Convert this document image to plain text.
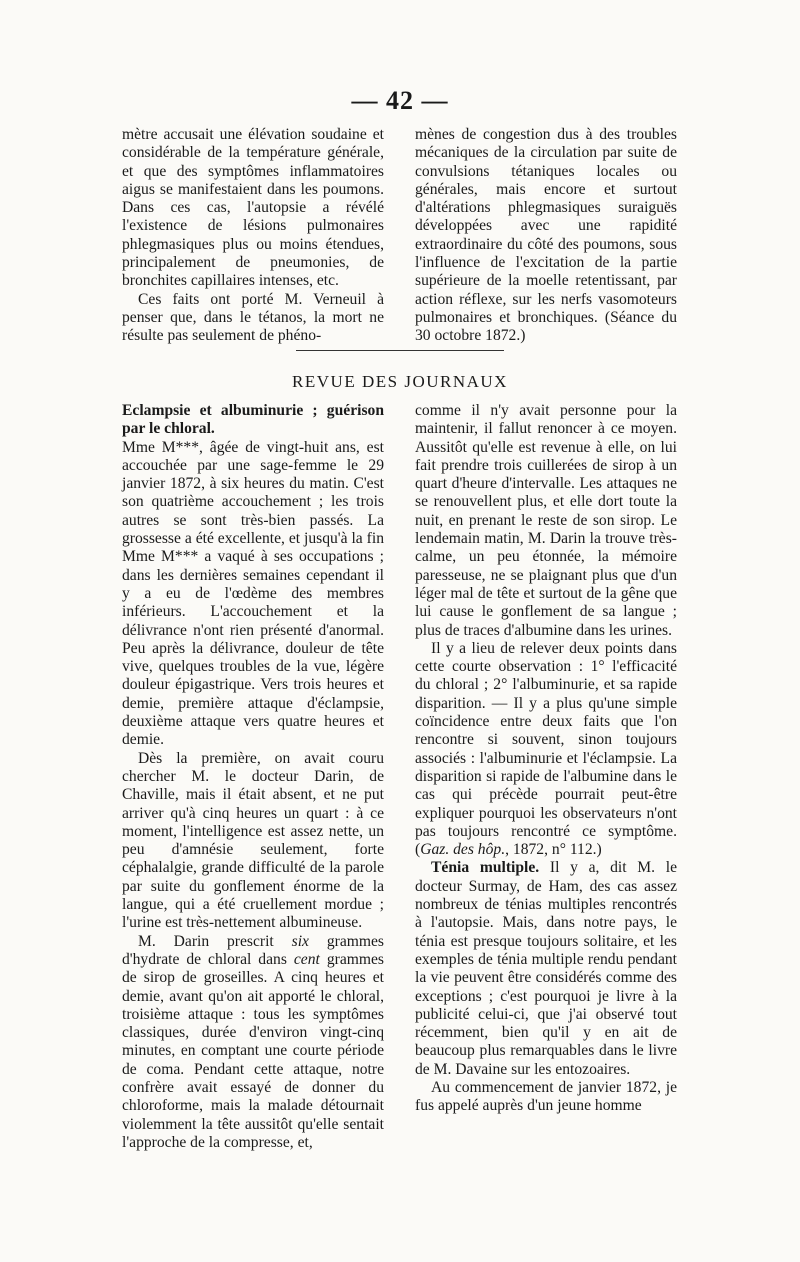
— 42 —

mètre accusait une élévation soudaine et considérable de la température générale, et que des symptômes inflammatoires aigus se manifestaient dans les poumons. Dans ces cas, l'autopsie a révélé l'existence de lésions pulmonaires phlegmasiques plus ou moins étendues, principalement de pneumonies, de bronchites capillaires intenses, etc.

Ces faits ont porté M. Verneuil à penser que, dans le tétanos, la mort ne résulte pas seulement de phéno-

mènes de congestion dus à des troubles mécaniques de la circulation par suite de convulsions tétaniques locales ou générales, mais encore et surtout d'altérations phlegmasiques suraiguës développées avec une rapidité extraordinaire du côté des poumons, sous l'influence de l'excitation de la partie supérieure de la moelle retentissant, par action réflexe, sur les nerfs vasomoteurs pulmonaires et bronchiques. (Séance du 30 octobre 1872.)

REVUE DES JOURNAUX

Eclampsie et albuminurie ; guérison par le chloral.

Mme M***, âgée de vingt-huit ans, est accouchée par une sage-femme le 29 janvier 1872, à six heures du matin. C'est son quatrième accouchement ; les trois autres se sont très-bien passés. La grossesse a été excellente, et jusqu'à la fin Mme M*** a vaqué à ses occupations ; dans les dernières semaines cependant il y a eu de l'œdème des membres inférieurs. L'accouchement et la délivrance n'ont rien présenté d'anormal. Peu après la délivrance, douleur de tête vive, quelques troubles de la vue, légère douleur épigastrique. Vers trois heures et demie, première attaque d'éclampsie, deuxième attaque vers quatre heures et demie.

Dès la première, on avait couru chercher M. le docteur Darin, de Chaville, mais il était absent, et ne put arriver qu'à cinq heures un quart : à ce moment, l'intelligence est assez nette, un peu d'amnésie seulement, forte céphalalgie, grande difficulté de la parole par suite du gonflement énorme de la langue, qui a été cruellement mordue ; l'urine est très-nettement albumineuse.

M. Darin prescrit six grammes d'hydrate de chloral dans cent grammes de sirop de groseilles. A cinq heures et demie, avant qu'on ait apporté le chloral, troisième attaque : tous les symptômes classiques, durée d'environ vingt-cinq minutes, en comptant une courte période de coma. Pendant cette attaque, notre confrère avait essayé de donner du chloroforme, mais la malade détournait violemment la tête aussitôt qu'elle sentait l'approche de la compresse, et,

comme il n'y avait personne pour la maintenir, il fallut renoncer à ce moyen. Aussitôt qu'elle est revenue à elle, on lui fait prendre trois cuillerées de sirop à un quart d'heure d'intervalle. Les attaques ne se renouvellent plus, et elle dort toute la nuit, en prenant le reste de son sirop. Le lendemain matin, M. Darin la trouve très-calme, un peu étonnée, la mémoire paresseuse, ne se plaignant plus que d'un léger mal de tête et surtout de la gêne que lui cause le gonflement de sa langue ; plus de traces d'albumine dans les urines.

Il y a lieu de relever deux points dans cette courte observation : 1° l'efficacité du chloral ; 2° l'albuminurie, et sa rapide disparition. — Il y a plus qu'une simple coïncidence entre deux faits que l'on rencontre si souvent, sinon toujours associés : l'albuminurie et l'éclampsie. La disparition si rapide de l'albumine dans le cas qui précède pourrait peut-être expliquer pourquoi les observateurs n'ont pas toujours rencontré ce symptôme. (Gaz. des hôp., 1872, n° 112.)

Ténia multiple. Il y a, dit M. le docteur Surmay, de Ham, des cas assez nombreux de ténias multiples rencontrés à l'autopsie. Mais, dans notre pays, le ténia est presque toujours solitaire, et les exemples de ténia multiple rendu pendant la vie peuvent être considérés comme des exceptions ; c'est pourquoi je livre à la publicité celui-ci, que j'ai observé tout récemment, bien qu'il y en ait de beaucoup plus remarquables dans le livre de M. Davaine sur les entozoaires.

Au commencement de janvier 1872, je fus appelé auprès d'un jeune homme
